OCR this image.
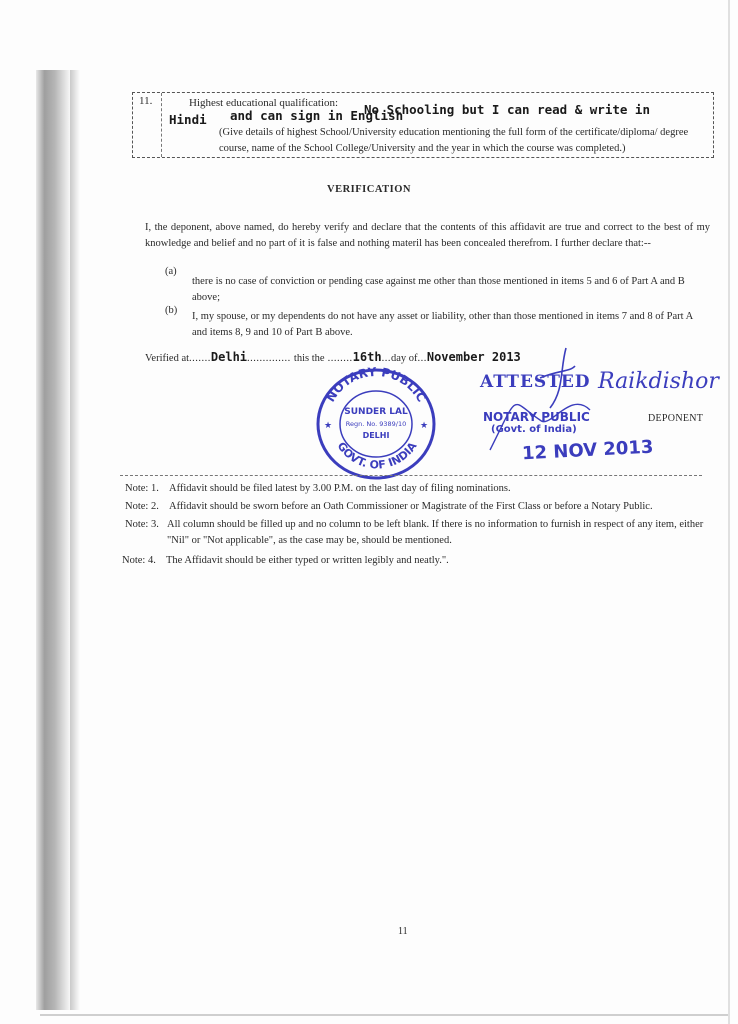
11.	Highest educational qualification: No Schooling but I can read & write in
and can sign in English
Hindi
(Give details of highest School/University education mentioning the full form of the certificate/diploma/ degree course, name of the School College/University and the year in which the course was completed.)
VERIFICATION
I, the deponent, above named, do hereby verify and declare that the contents of this affidavit are true and correct to the best of my knowledge and belief and no part of it is false and nothing materil has been concealed therefrom. I further declare that:--
(a)
there is no case of conviction or pending case against me other than those mentioned in items 5 and 6 of Part A and B above;
(b)
I, my spouse, or my dependents do not have any asset or liability, other than those mentioned in items 7 and 8 of Part A and items 8, 9 and 10 of Part B above.
Verified at.......Delhi.............. this the ........16th...day of...November 2013
Raikdishor
NOTARY PUBLIC
GOVT. OF INDIA
SUNDER LAL
Regn. No. 9389/10
DELHI
★	★
ATTESTED
NOTARY PUBLIC
(Govt. of India)
12 NOV 2013
DEPONENT
Note: 1. Affidavit should be filed latest by 3.00 P.M. on the last day of filing nominations.
Note: 2. Affidavit should be sworn before an Oath Commissioner or Magistrate of the First Class or before a Notary Public.
Note: 3. All column should be filled up and no column to be left blank. If there is no information to furnish in respect of any item, either "Nil" or "Not applicable", as the case may be, should be mentioned.
Note: 4. The Affidavit should be either typed or written legibly and neatly.".
11
